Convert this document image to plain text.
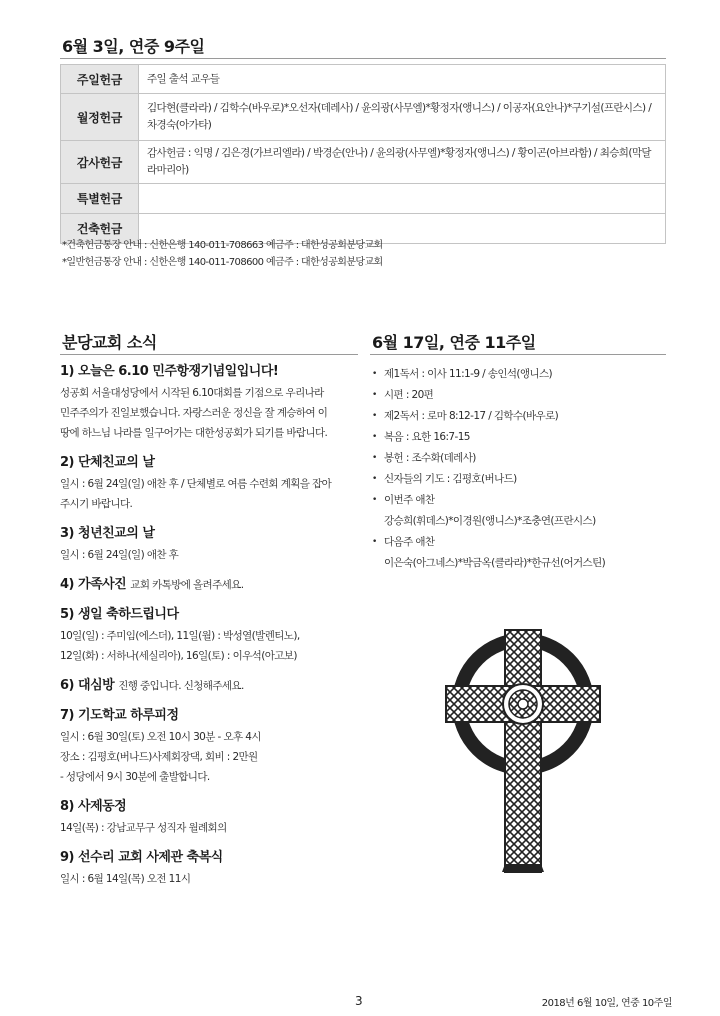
6월 3일, 연중 9주일
주일헌금	주일 출석 교우들
월정헌금	김다현(클라라) / 김학수(바우로)*오선자(데레사) / 윤의광(사무엘)*황정자(앵니스) / 이공자(요안나)*구기설(프란시스) / 차경숙(아가타)
감사헌금	감사헌금 : 익명 / 김은경(가브리엘라) / 박경순(안나) / 윤의광(사무엘)*황정자(앵니스) / 황이곤(아브라함) / 최승희(막달라마리아)
특별헌금	
건축헌금	
*건축헌금통장 안내 : 신한은행 140-011-708663 예금주 : 대한성공회분당교회
*일반헌금통장 안내 : 신한은행 140-011-708600 예금주 : 대한성공회분당교회
분당교회 소식
1) 오늘은 6.10 민주항쟁기념일입니다!

성공회 서울대성당에서 시작된 6.10대회를 기점으로 우리나라

민주주의가 진일보했습니다. 자랑스러운 정신을 잘 계승하여 이

땅에 하느님 나라를 일구어가는 대한성공회가 되기를 바랍니다.

2) 단체친교의 날

일시 : 6월 24일(일) 애찬 후 / 단체별로 여름 수련회 계획을 잡아

주시기 바랍니다.

3) 청년친교의 날

일시 : 6월 24일(일) 애찬 후

4) 가족사진 교회 카톡방에 올려주세요.
5) 생일 축하드립니다

10일(일) : 주미임(에스더), 11일(월) : 박성열(발렌티노),

12일(화) : 서하나(세실리아), 16일(토) : 이우석(아고보)

6) 대심방 진행 중입니다. 신청해주세요.
7) 기도학교 하루피정

일시 : 6월 30일(토) 오전 10시 30분 - 오후 4시

장소 : 김평호(버나드)사제회장댁, 회비 : 2만원

- 성당에서 9시 30분에 출발합니다.

8) 사제동정

14일(목) : 강남교무구 성직자 월례회의

9) 선수리 교회 사제관 축복식

일시 : 6월 14일(목) 오전 11시

6월 17일, 연중 11주일
• 제1독서 : 이사 11:1-9 / 송인석(앵니스)
• 시편 : 20편
• 제2독서 : 로마 8:12-17 / 김학수(바우로)
• 복음 : 요한 16:7-15
• 봉헌 : 조수화(데레사)
• 신자들의 기도 : 김평호(버나드)
• 이번주 애찬
강승희(휘데스)*이경원(앵니스)*조충연(프란시스)
• 다음주 애찬
이은숙(아그네스)*박금옥(클라라)*한규선(어거스틴)
3	2018년 6월 10일, 연중 10주일
